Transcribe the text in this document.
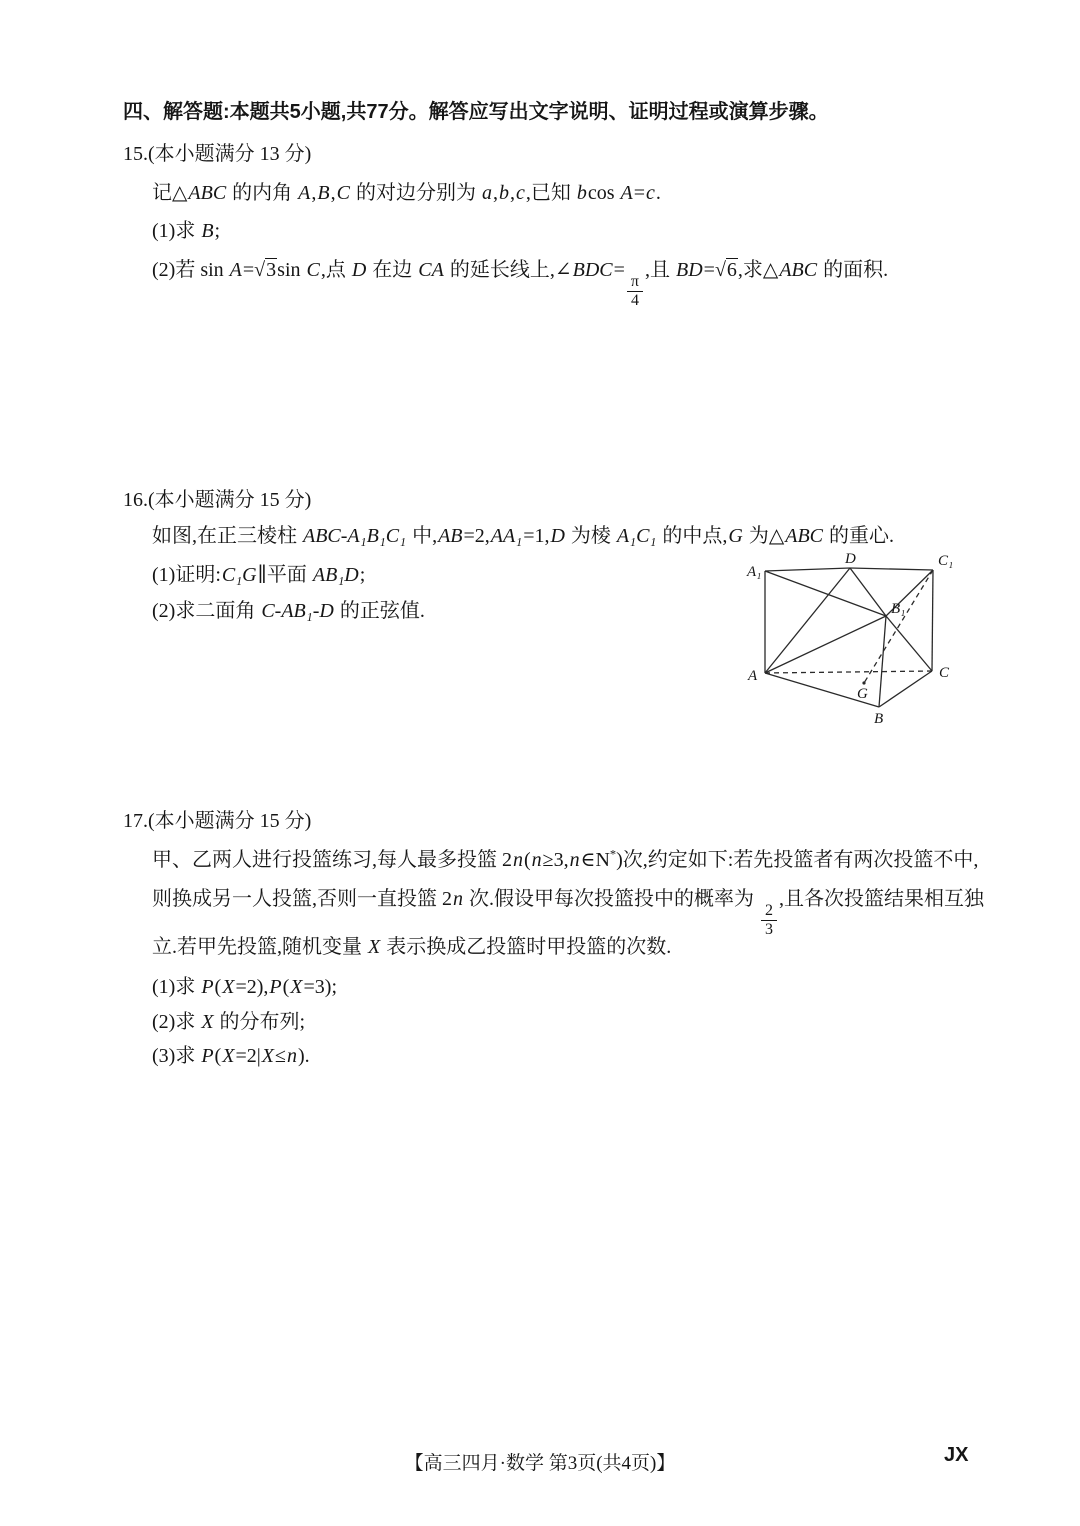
四、解答题:本题共5小题,共77分。解答应写出文字说明、证明过程或演算步骤。
15.(本小题满分 13 分)
记△ABC 的内角 A,B,C 的对边分别为 a,b,c,已知 bcos A=c.
(1)求 B;
(2)若 sin A=√3sin C,点 D 在边 CA 的延长线上,∠BDC=
$\frac{\pi}{4}$
,且 BD=√6,求△ABC 的面积.
16.(本小题满分 15 分)
如图,在正三棱柱 ABC-A₁B₁C₁ 中,AB=2,AA₁=1,D 为棱 A₁C₁ 的中点,G 为△ABC 的重心.
(1)证明:C₁G∥平面 AB₁D;
(2)求二面角 C-AB₁-D 的正弦值.
A₁
D	C₁
B₁
A	C
G
B
17.(本小题满分 15 分)
甲、乙两人进行投篮练习,每人最多投篮 2n(n≥3,n∈N*)次,约定如下:若先投篮者有两次投篮不中,
则换成另一人投篮,否则一直投篮 2n 次.假设甲每次投篮投中的概率为
$\frac{2}{3}$
,且各次投篮结果相互独
立.若甲先投篮,随机变量 X 表示换成乙投篮时甲投篮的次数.
(1)求 P(X=2),P(X=3);
(2)求 X 的分布列;
(3)求 P(X=2|X≤n).
【高三四月·数学 第3页(共4页)】	JX
